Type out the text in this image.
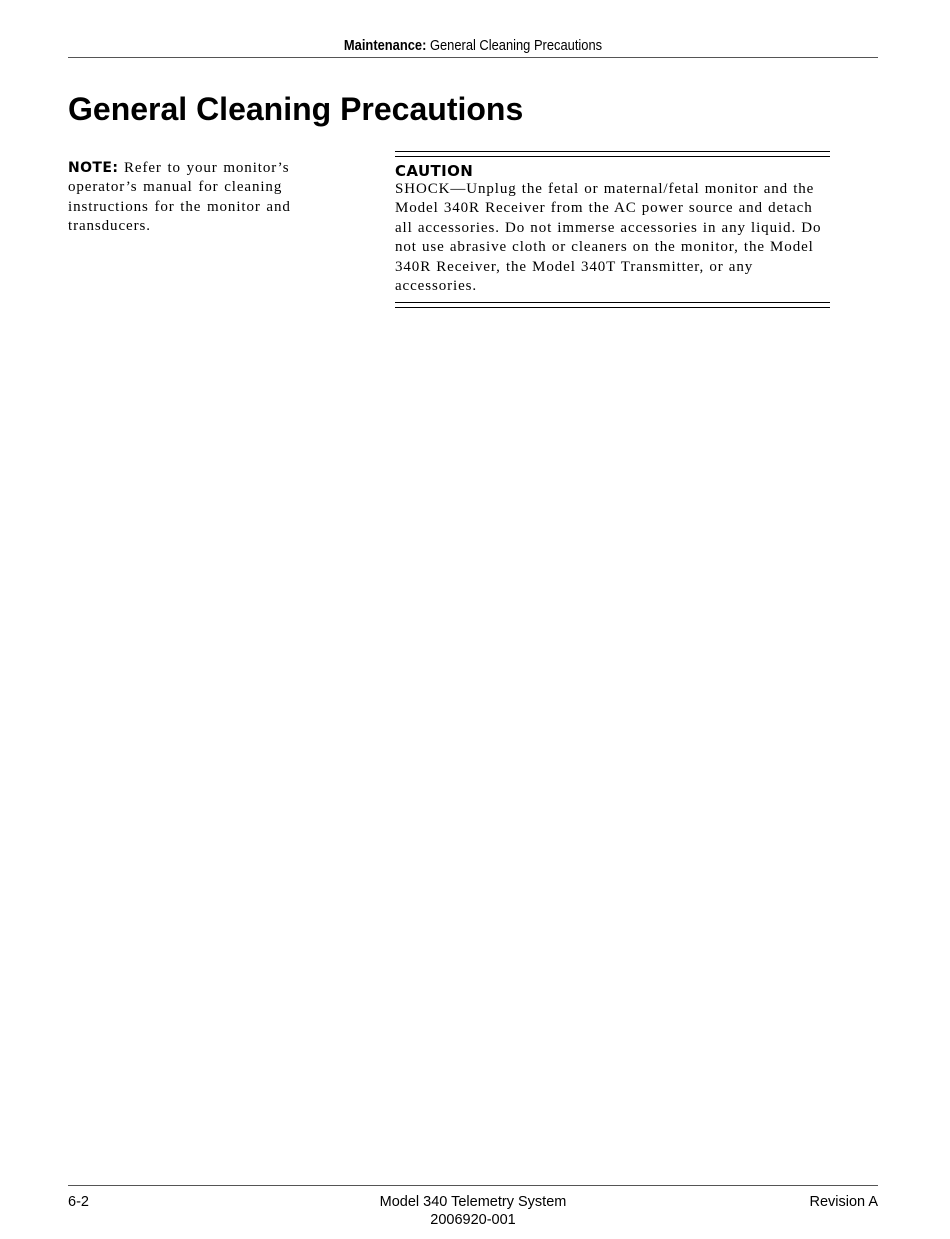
Maintenance: General Cleaning Precautions
General Cleaning Precautions
NOTE: Refer to your monitor’s operator’s manual for cleaning instructions for the monitor and transducers.
CAUTION
SHOCK—Unplug the fetal or maternal/fetal monitor and the Model 340R Receiver from the AC power source and detach all accessories. Do not immerse accessories in any liquid. Do not use abrasive cloth or cleaners on the monitor, the Model 340R Receiver, the Model 340T Transmitter, or any accessories.
6-2	Model 340 Telemetry System
2006920-001
Revision A
